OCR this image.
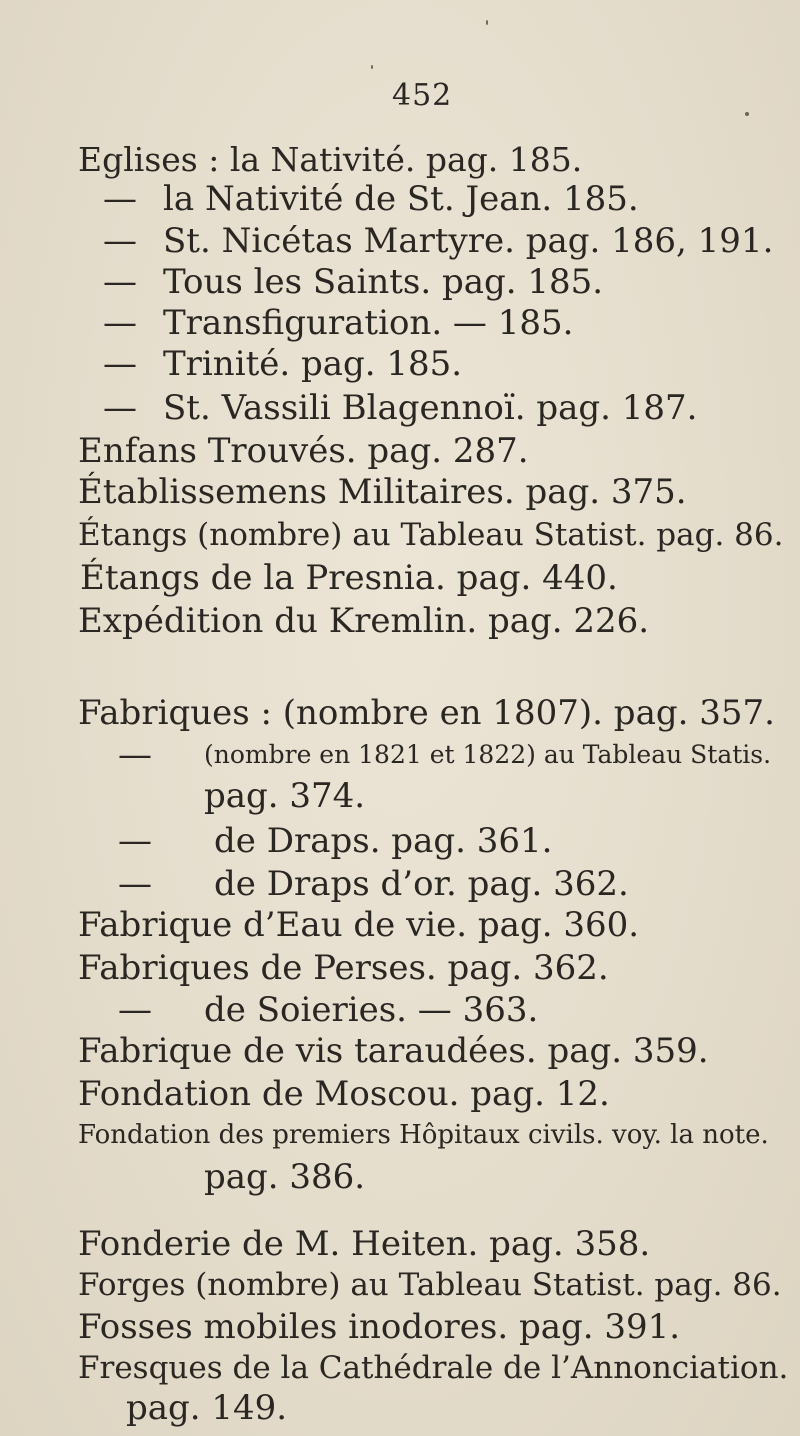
452
Eglises : la Nativité. pag. 185.
— la Nativité de St. Jean. 185.
— St. Nicétas Martyre. pag. 186, 191.
— Tous les Saints. pag. 185.
— Transfiguration. — 185.
— Trinité. pag. 185.
— St. Vassili Blagennoï. pag. 187.
Enfans Trouvés. pag. 287.
Établissemens Militaires. pag. 375.
Étangs (nombre) au Tableau Statist. pag. 86.
Étangs de la Presnia. pag. 440.
Expédition du Kremlin. pag. 226.
Fabriques : (nombre en 1807). pag. 357.
— (nombre en 1821 et 1822) au Tableau Statis.
pag. 374.
— de Draps. pag. 361.
— de Draps d’or. pag. 362.
Fabrique d’Eau de vie. pag. 360.
Fabriques de Perses. pag. 362.
— de Soieries. — 363.
Fabrique de vis taraudées. pag. 359.
Fondation de Moscou. pag. 12.
Fondation des premiers Hôpitaux civils. voy. la note.
pag. 386.
Fonderie de M. Heiten. pag. 358.
Forges (nombre) au Tableau Statist. pag. 86.
Fosses mobiles inodores. pag. 391.
Fresques de la Cathédrale de l’Annonciation.
pag. 149.
